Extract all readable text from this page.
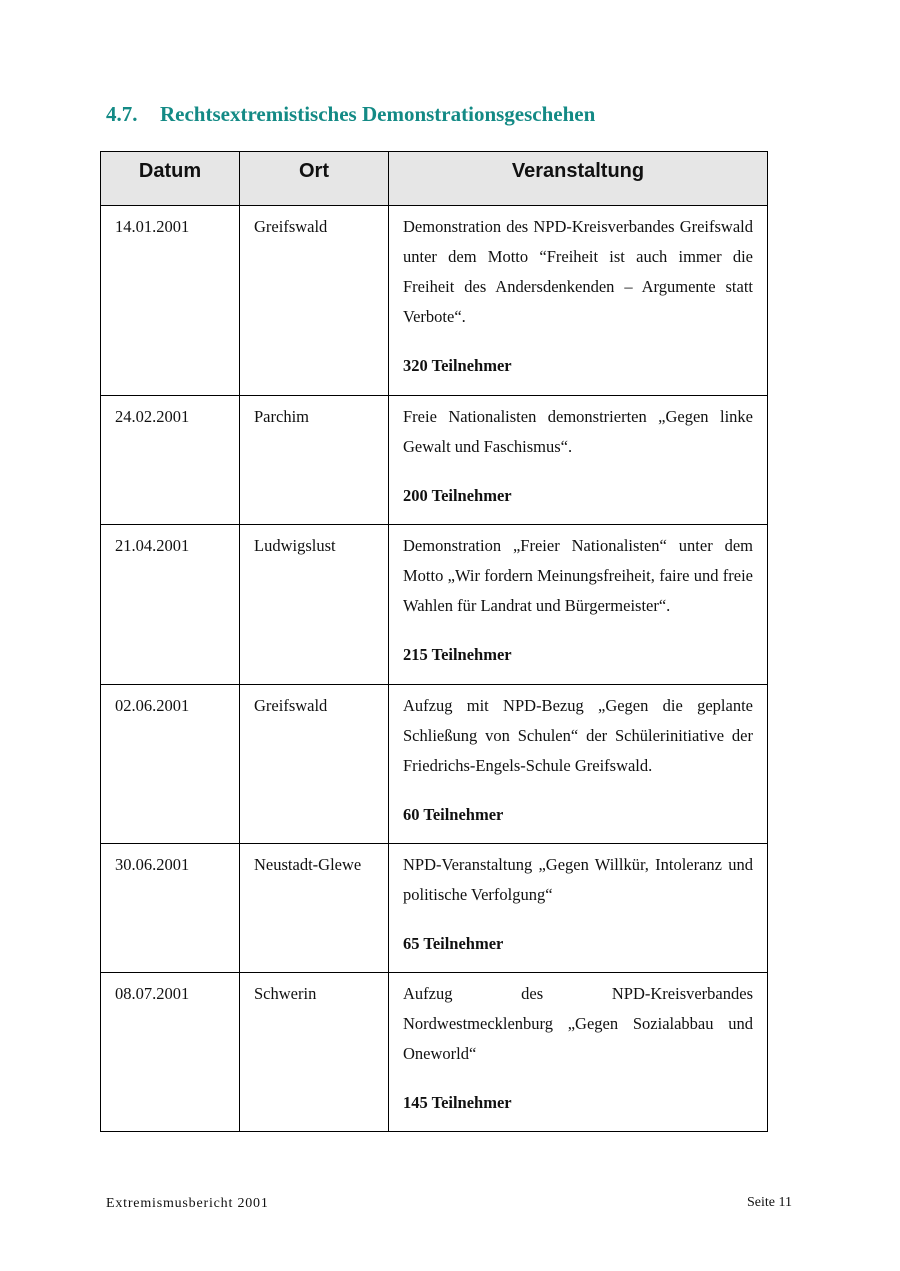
4.7. Rechtsextremistisches Demonstrationsgeschehen
Datum	Ort	Veranstaltung
14.01.2001	Greifswald	Demonstration des NPD-Kreisverbandes Greifswald unter dem Motto “Freiheit ist auch immer die Freiheit des Andersdenkenden – Argumente statt Verbote“.
320 Teilnehmer

24.02.2001	Parchim	Freie Nationalisten demonstrierten „Gegen linke Gewalt und Faschismus“.
200 Teilnehmer

21.04.2001	Ludwigslust	Demonstration „Freier Nationalisten“ unter dem Motto „Wir fordern Meinungsfreiheit, faire und freie Wahlen für Landrat und Bürgermeister“.
215 Teilnehmer

02.06.2001	Greifswald	Aufzug mit NPD-Bezug „Gegen die geplante Schließung von Schulen“ der Schülerinitiative der Friedrichs-Engels-Schule Greifswald.
60 Teilnehmer

30.06.2001	Neustadt-Glewe	NPD-Veranstaltung „Gegen Willkür, Intoleranz und politische Verfolgung“
65 Teilnehmer

08.07.2001	Schwerin	Aufzug des NPD-Kreisverbandes Nordwestmecklenburg „Gegen Sozialabbau und Oneworld“
145 Teilnehmer
Extremismusbericht 2001	Seite 11
